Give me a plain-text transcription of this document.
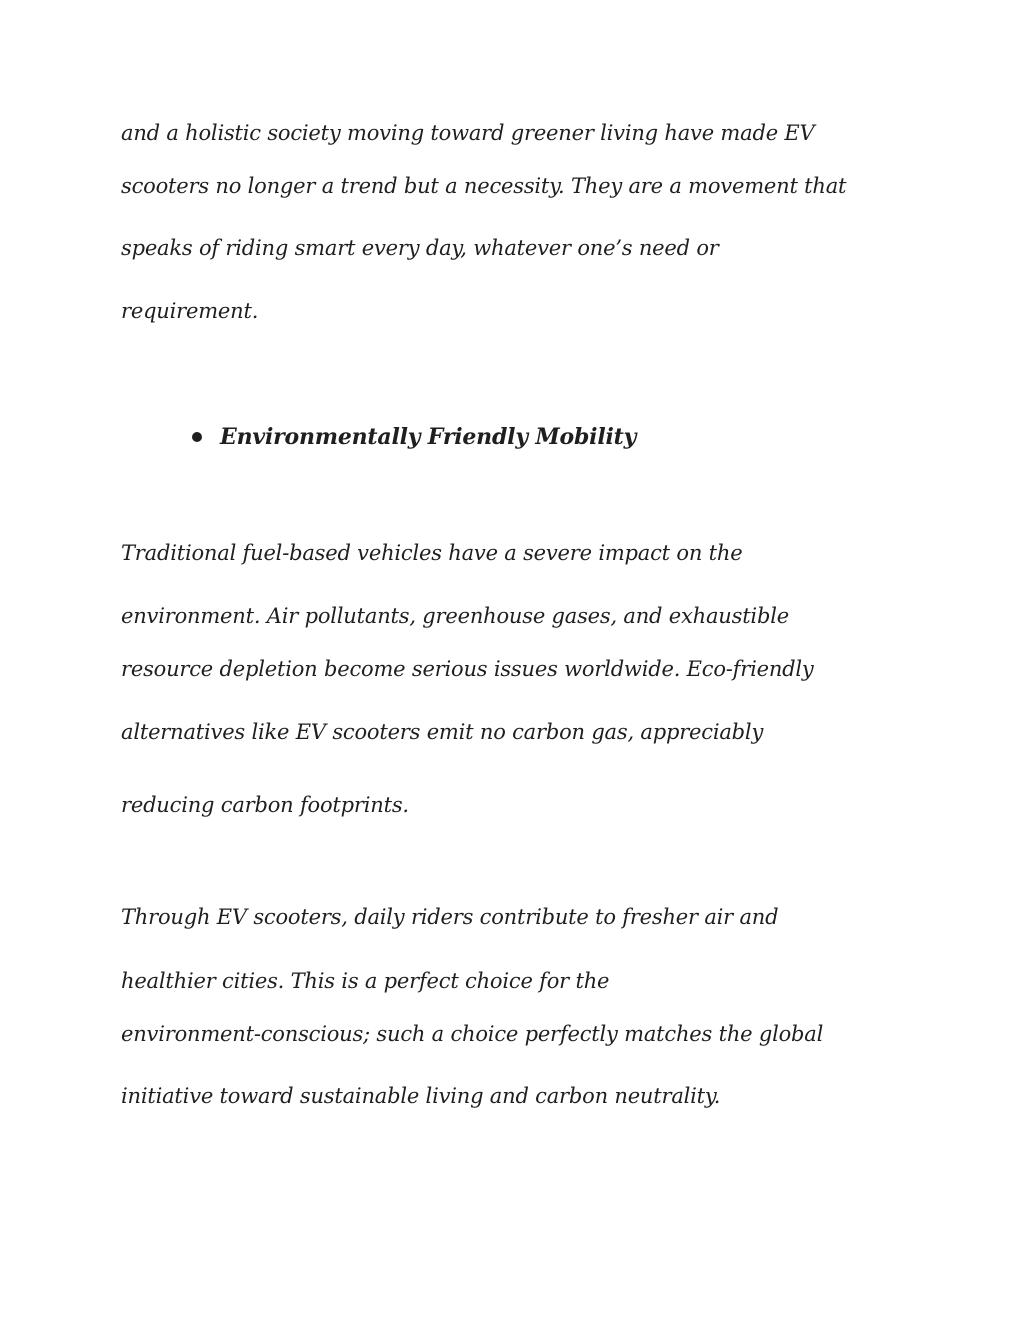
and a holistic society moving toward greener living have made EV
scooters no longer a trend but a necessity. They are a movement that
speaks of riding smart every day, whatever one’s need or
requirement.
Environmentally Friendly Mobility
Traditional fuel-based vehicles have a severe impact on the
environment. Air pollutants, greenhouse gases, and exhaustible
resource depletion become serious issues worldwide. Eco-friendly
alternatives like EV scooters emit no carbon gas, appreciably
reducing carbon footprints.
Through EV scooters, daily riders contribute to fresher air and
healthier cities. This is a perfect choice for the
environment-conscious; such a choice perfectly matches the global
initiative toward sustainable living and carbon neutrality.
